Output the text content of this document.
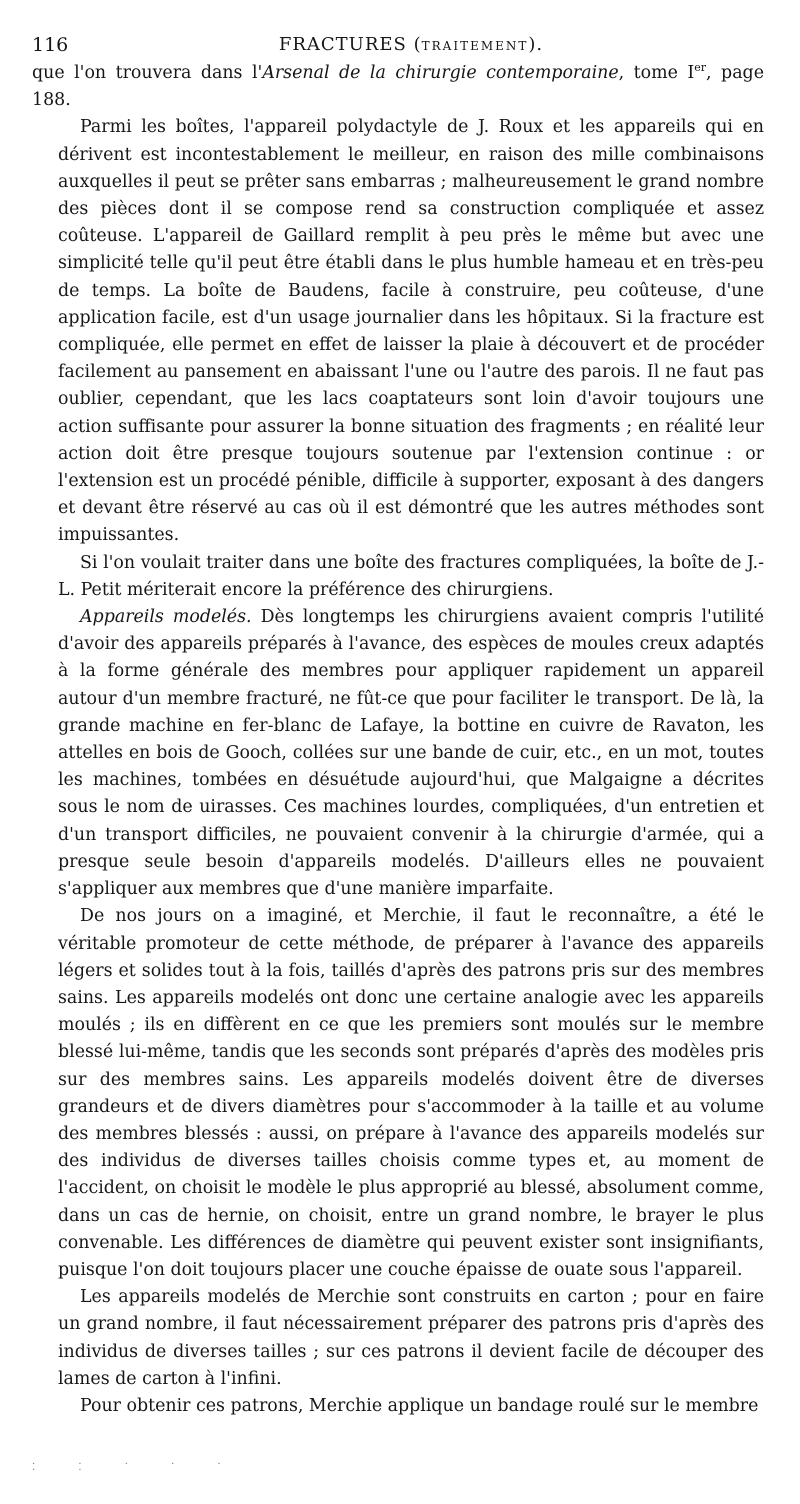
116	FRACTURES (TRAITEMENT).

que l'on trouvera dans l'Arsenal de la chirurgie contemporaine, tome Ier, page 188.

Parmi les boîtes, l'appareil polydactyle de J. Roux et les appareils qui en dérivent est incontestablement le meilleur, en raison des mille combinaisons auxquelles il peut se prêter sans embarras ; malheureusement le grand nombre des pièces dont il se compose rend sa construction compliquée et assez coûteuse. L'appareil de Gaillard remplit à peu près le même but avec une simplicité telle qu'il peut être établi dans le plus humble hameau et en très-peu de temps. La boîte de Baudens, facile à construire, peu coûteuse, d'une application facile, est d'un usage journalier dans les hôpitaux. Si la fracture est compliquée, elle permet en effet de laisser la plaie à découvert et de procéder facilement au pansement en abaissant l'une ou l'autre des parois. Il ne faut pas oublier, cependant, que les lacs coaptateurs sont loin d'avoir toujours une action suffisante pour assurer la bonne situation des fragments ; en réalité leur action doit être presque toujours soutenue par l'extension continue : or l'extension est un procédé pénible, difficile à supporter, exposant à des dangers et devant être réservé au cas où il est démontré que les autres méthodes sont impuissantes.

Si l'on voulait traiter dans une boîte des fractures compliquées, la boîte de J.-L. Petit mériterait encore la préférence des chirurgiens.

Appareils modelés. Dès longtemps les chirurgiens avaient compris l'utilité d'avoir des appareils préparés à l'avance, des espèces de moules creux adaptés à la forme générale des membres pour appliquer rapidement un appareil autour d'un membre fracturé, ne fût-ce que pour faciliter le transport. De là, la grande machine en fer-blanc de Lafaye, la bottine en cuivre de Ravaton, les attelles en bois de Gooch, collées sur une bande de cuir, etc., en un mot, toutes les machines, tombées en désuétude aujourd'hui, que Malgaigne a décrites sous le nom de uirasses. Ces machines lourdes, compliquées, d'un entretien et d'un transport difficiles, ne pouvaient convenir à la chirurgie d'armée, qui a presque seule besoin d'appareils modelés. D'ailleurs elles ne pouvaient s'appliquer aux membres que d'une manière imparfaite.

De nos jours on a imaginé, et Merchie, il faut le reconnaître, a été le véritable promoteur de cette méthode, de préparer à l'avance des appareils légers et solides tout à la fois, taillés d'après des patrons pris sur des membres sains. Les appareils modelés ont donc une certaine analogie avec les appareils moulés ; ils en diffèrent en ce que les premiers sont moulés sur le membre blessé lui-même, tandis que les seconds sont préparés d'après des modèles pris sur des membres sains. Les appareils modelés doivent être de diverses grandeurs et de divers diamètres pour s'accommoder à la taille et au volume des membres blessés : aussi, on prépare à l'avance des appareils modelés sur des individus de diverses tailles choisis comme types et, au moment de l'accident, on choisit le modèle le plus approprié au blessé, absolument comme, dans un cas de hernie, on choisit, entre un grand nombre, le brayer le plus convenable. Les différences de diamètre qui peuvent exister sont insignifiants, puisque l'on doit toujours placer une couche épaisse de ouate sous l'appareil.

Les appareils modelés de Merchie sont construits en carton ; pour en faire un grand nombre, il faut nécessairement préparer des patrons pris d'après des individus de diverses tailles ; sur ces patrons il devient facile de découper des lames de carton à l'infini.

Pour obtenir ces patrons, Merchie applique un bandage roulé sur le membre

· · · · · · ·
